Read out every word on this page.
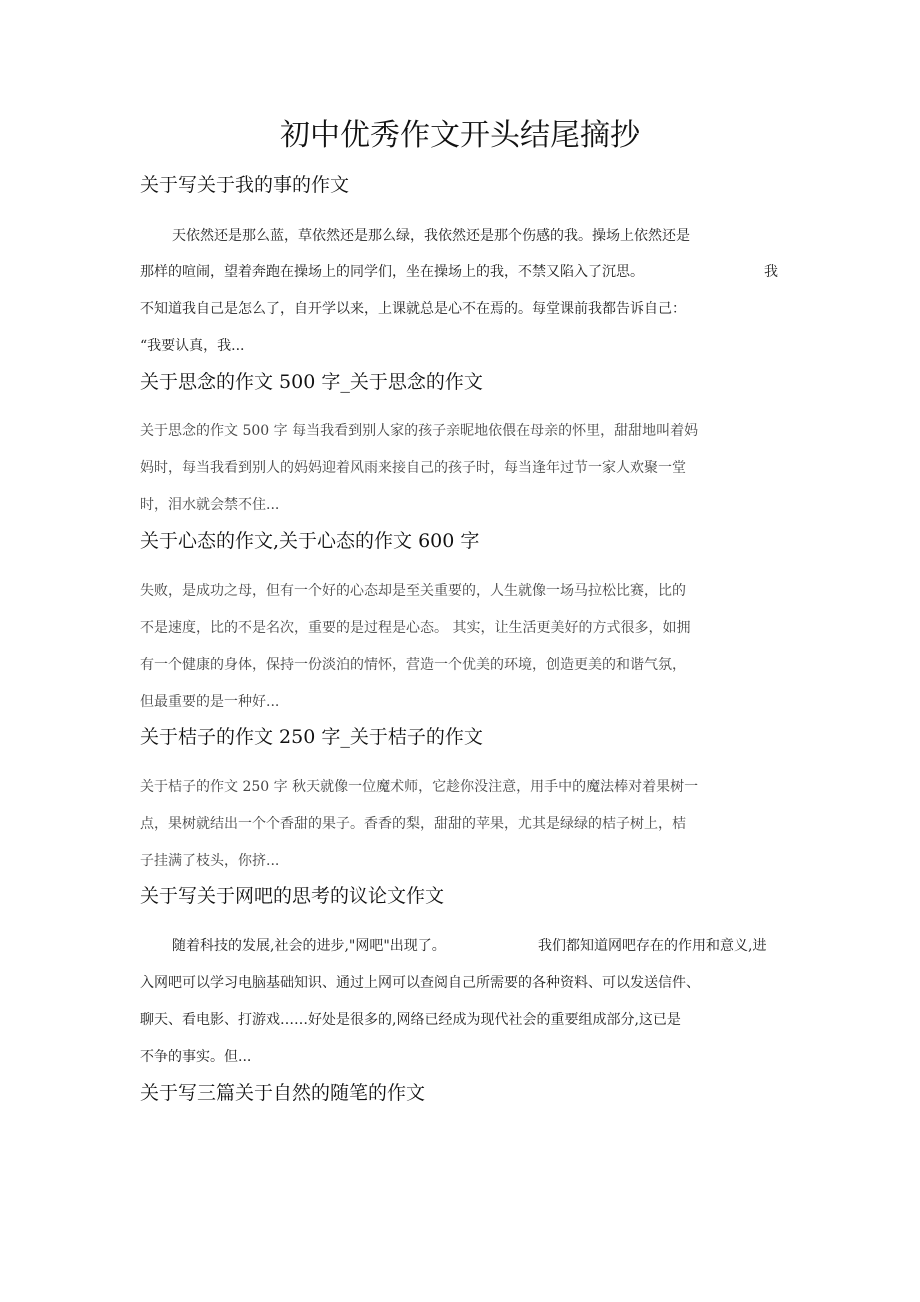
初中优秀作文开头结尾摘抄
关于写关于我的事的作文

天依然还是那么蓝，草依然还是那么绿，我依然还是那个伤感的我。操场上依然还是

那样的喧闹，望着奔跑在操场上的同学们，坐在操场上的我，不禁又陷入了沉思。	我

不知道我自己是怎么了，自开学以来，上课就总是心不在焉的。每堂课前我都告诉自己：

“我要认真，我...

关于思念的作文 500 字_关于思念的作文

关于思念的作文 500 字 每当我看到别人家的孩子亲昵地依偎在母亲的怀里，甜甜地叫着妈

妈时，每当我看到别人的妈妈迎着风雨来接自己的孩子时，每当逢年过节一家人欢聚一堂

时，泪水就会禁不住...

关于心态的作文,关于心态的作文 600 字

失败，是成功之母，但有一个好的心态却是至关重要的，人生就像一场马拉松比赛，比的

不是速度，比的不是名次，重要的是过程是心态。 其实，让生活更美好的方式很多，如拥

有一个健康的身体，保持一份淡泊的情怀，营造一个优美的环境，创造更美的和谐气氛，

但最重要的是一种好...

关于桔子的作文 250 字_关于桔子的作文

关于桔子的作文 250 字 秋天就像一位魔术师，它趁你没注意，用手中的魔法棒对着果树一

点，果树就结出一个个香甜的果子。香香的梨，甜甜的苹果，尤其是绿绿的桔子树上，桔

子挂满了枝头，你挤...

关于写关于网吧的思考的议论文作文

随着科技的发展,社会的进步,"网吧"出现了。	我们都知道网吧存在的作用和意义,进

入网吧可以学习电脑基础知识、通过上网可以查阅自己所需要的各种资料、可以发送信件、

聊天、看电影、打游戏……好处是很多的,网络已经成为现代社会的重要组成部分,这已是

不争的事实。但...

关于写三篇关于自然的随笔的作文
